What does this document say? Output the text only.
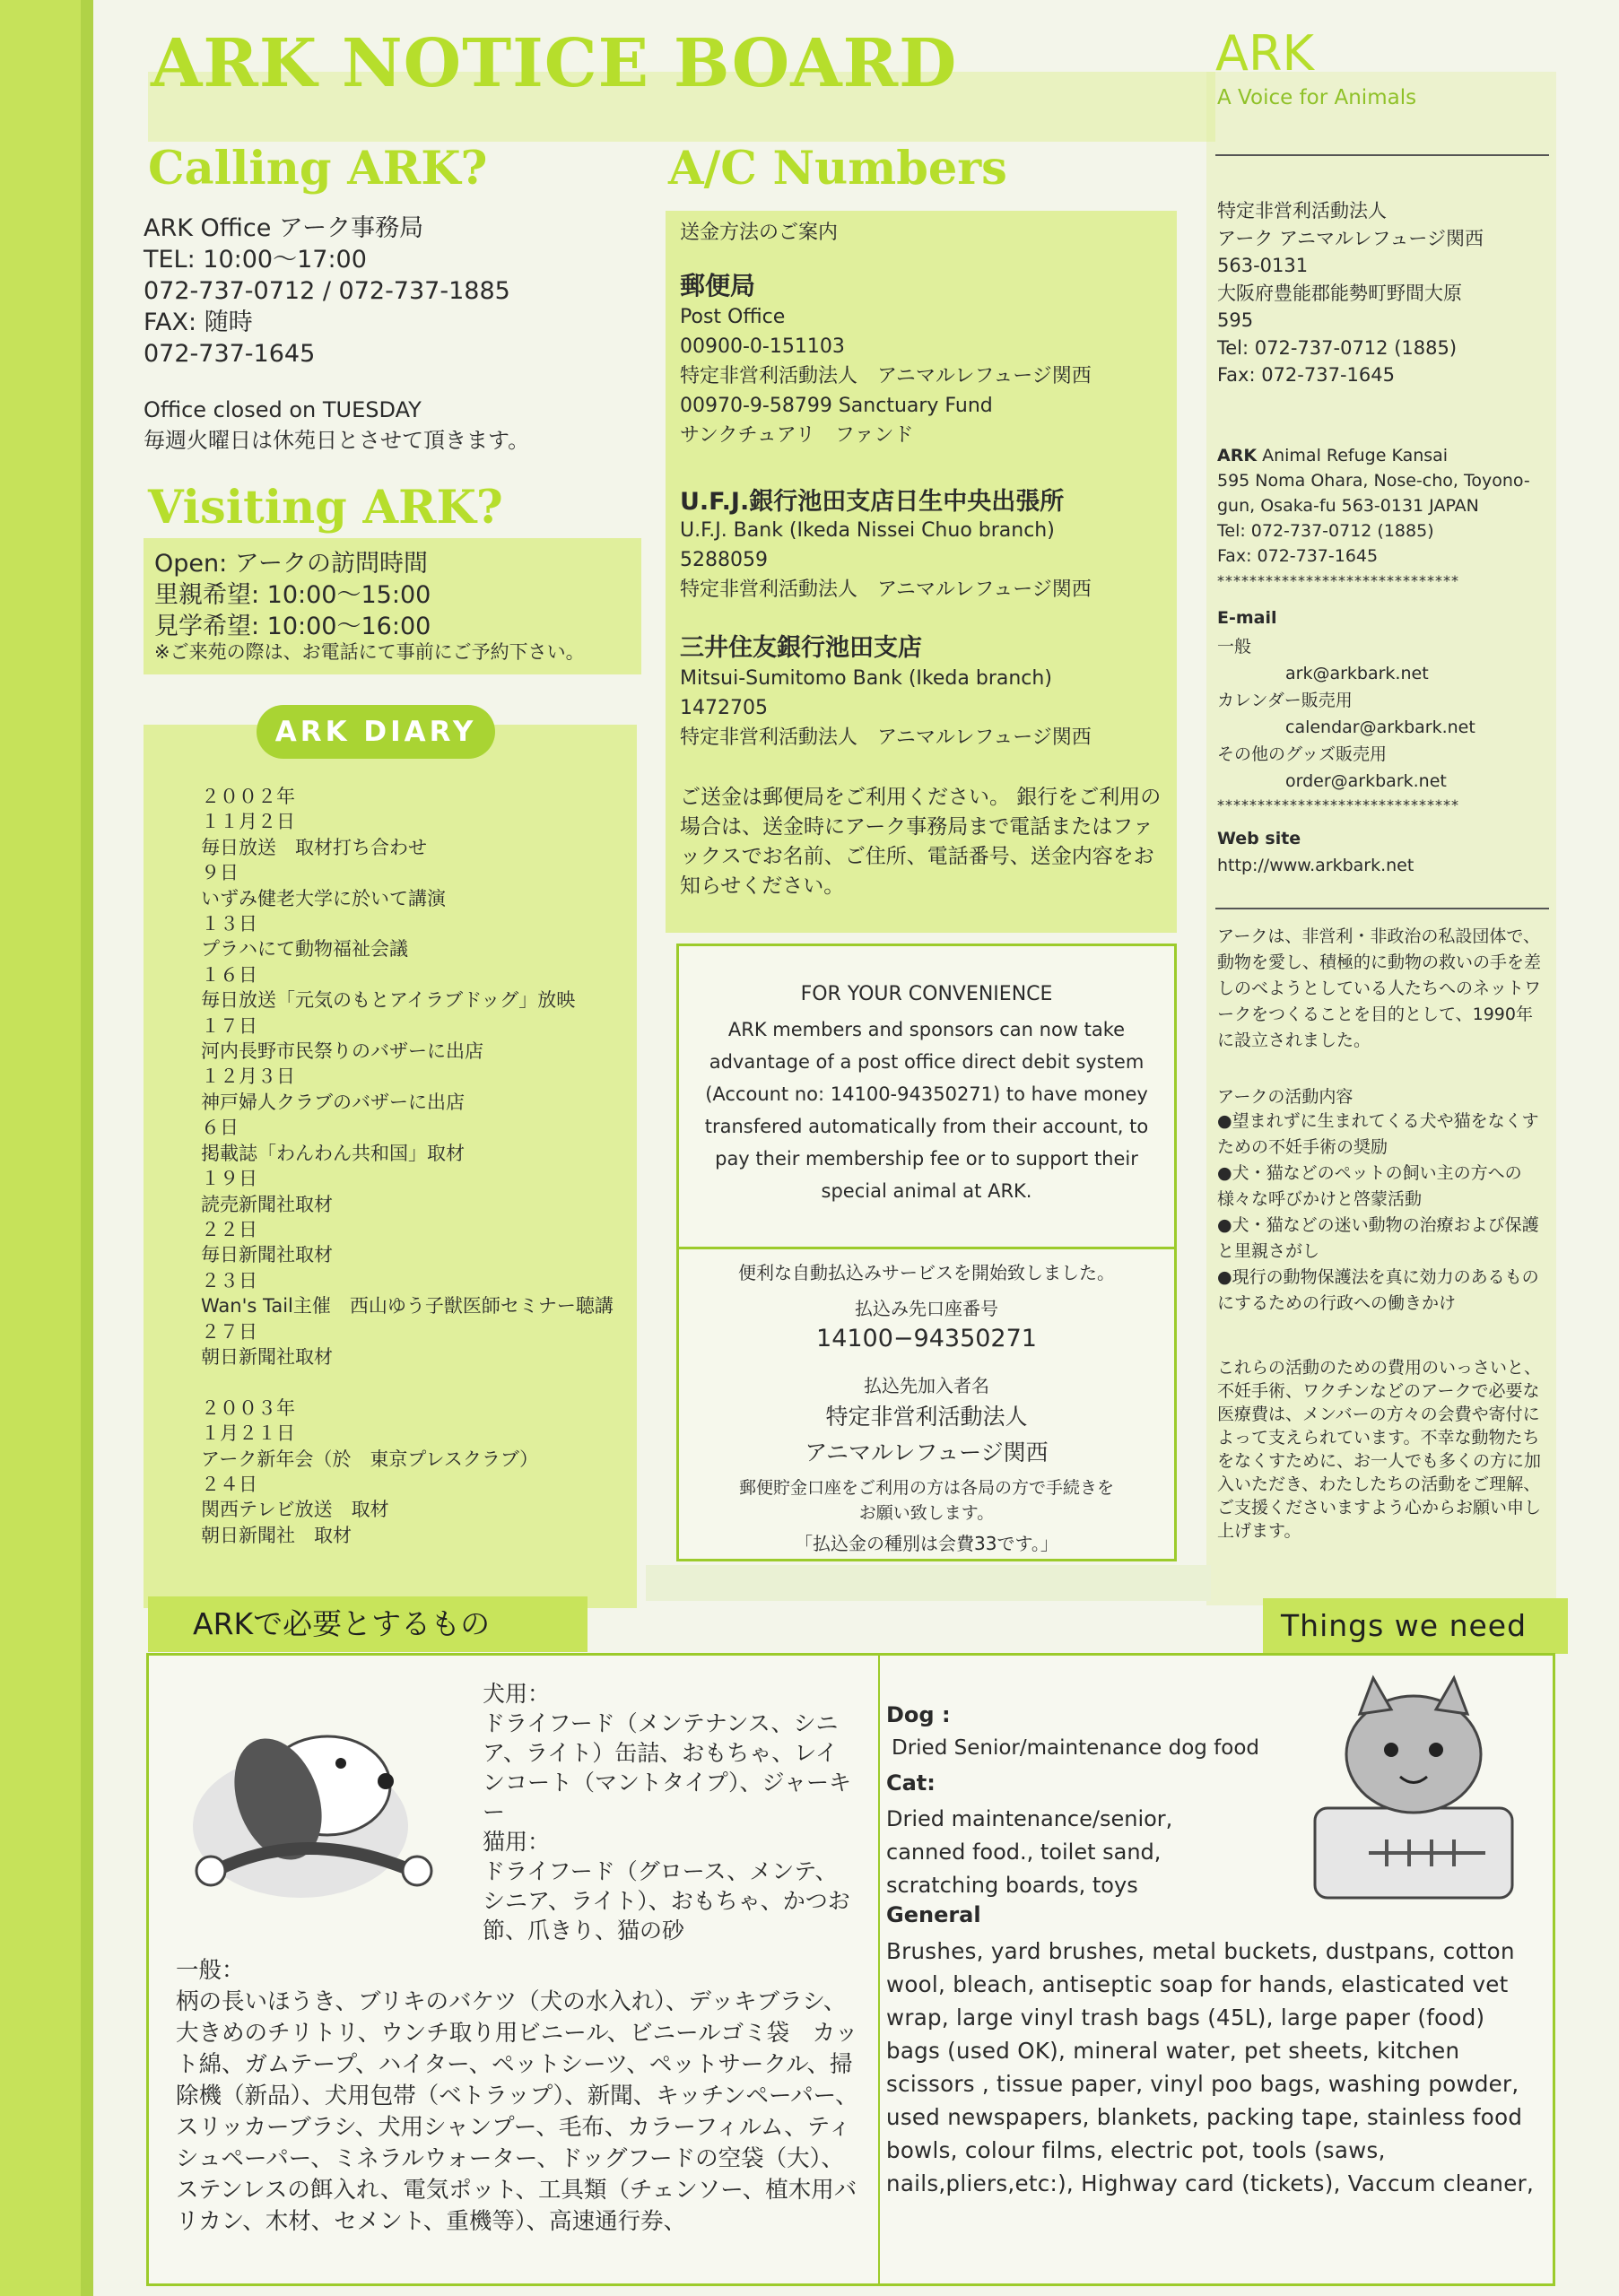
ARK NOTICE BOARD
Calling ARK?
ARK Office アーク事務局
TEL: 10:00〜17:00
072-737-0712 / 072-737-1885
FAX: 随時
072-737-1645
Office closed on TUESDAY
毎週火曜日は休苑日とさせて頂きます。
Visiting ARK?
Open: アークの訪問時間
里親希望: 10:00〜15:00
見学希望: 10:00〜16:00
※ご来苑の際は、お電話にて事前にご予約下さい。
２００２年
１１月２日
毎日放送　取材打ち合わせ
９日
いずみ健老大学に於いて講演
１３日
プラハにて動物福祉会議
１６日
毎日放送「元気のもとアイラブドッグ」放映
１７日
河内長野市民祭りのバザーに出店
１２月３日
神戸婦人クラブのバザーに出店
６日
掲載誌「わんわん共和国」取材
１９日
読売新聞社取材
２２日
毎日新聞社取材
２３日
Wan's Tail主催　西山ゆう子獣医師セミナー聴講
２７日
朝日新聞社取材

２００３年
１月２１日
アーク新年会（於　東京プレスクラブ）
２４日
関西テレビ放送　取材
朝日新聞社　取材
ARK DIARY
A/C Numbers
送金方法のご案内
郵便局
Post Office
00900-0-151103
特定非営利活動法人　アニマルレフュージ関西
00970-9-58799 Sanctuary Fund
サンクチュアリ　ファンド
U.F.J.銀行池田支店日生中央出張所
U.F.J. Bank (Ikeda Nissei Chuo branch)
5288059
特定非営利活動法人　アニマルレフュージ関西
三井住友銀行池田支店
Mitsui-Sumitomo Bank (Ikeda branch)
1472705
特定非営利活動法人　アニマルレフュージ関西
ご送金は郵便局をご利用ください。 銀行をご利用の場合は、送金時にアーク事務局まで電話またはファックスでお名前、ご住所、電話番号、送金内容をお知らせください。
FOR YOUR CONVENIENCE
ARK members and sponsors can now take advantage of a post office direct debit system (Account no: 14100-94350271) to have money transfered automatically from their account, to pay their membership fee or to support their special animal at ARK.
便利な自動払込みサービスを開始致しました。
払込み先口座番号
14100−94350271
払込先加入者名
特定非営利活動法人
アニマルレフュージ関西
郵便貯金口座をご利用の方は各局の方で手続きをお願い致します。
「払込金の種別は会費33です。」
ARK
A Voice for Animals
特定非営利活動法人
アーク アニマルレフュージ関西
563-0131
大阪府豊能郡能勢町野間大原
595
Tel: 072-737-0712 (1885)
Fax: 072-737-1645
ARK Animal Refuge Kansai
595 Noma Ohara, Nose-cho, Toyono-gun, Osaka-fu 563-0131 JAPAN
Tel: 072-737-0712 (1885)
Fax: 072-737-1645
******************************
E-mail
一般
　　　　ark@arkbark.net
カレンダー販売用
　　　　calendar@arkbark.net
その他のグッズ販売用
　　　　order@arkbark.net
******************************
Web site
http://www.arkbark.net
アークは、非営利・非政治の私設団体で、動物を愛し、積極的に動物の救いの手を差しのべようとしている人たちへのネットワークをつくることを目的として、1990年に設立されました。
アークの活動内容
●望まれずに生まれてくる犬や猫をなくすための不妊手術の奨励
●犬・猫などのペットの飼い主の方への様々な呼びかけと啓蒙活動
●犬・猫などの迷い動物の治療および保護と里親さがし
●現行の動物保護法を真に効力のあるものにするための行政への働きかけ
これらの活動のための費用のいっさいと、不妊手術、ワクチンなどのアークで必要な医療費は、メンバーの方々の会費や寄付によって支えられています。不幸な動物たちをなくすために、お一人でも多くの方に加入いただき、わたしたちの活動をご理解、ご支援くださいますよう心からお願い申し上げます。
ARKで必要とするもの	Things we need
犬用：
ドライフード（メンテナンス、シニア、ライト）缶詰、おもちゃ、レインコート（マントタイプ）、ジャーキー
猫用：
ドライフード（グロース、メンテ、シニア、ライト）、おもちゃ、かつお節、爪きり、猫の砂
一般：
柄の長いほうき、ブリキのバケツ（犬の水入れ）、デッキブラシ、大きめのチリトリ、ウンチ取り用ビニール、ビニールゴミ袋　カット綿、ガムテープ、ハイター、ペットシーツ、ペットサークル、掃除機（新品）、犬用包帯（ベトラップ）、新聞、キッチンペーパー、スリッカーブラシ、犬用シャンプー、毛布、カラーフィルム、ティシュペーパー、ミネラルウォーター、ドッグフードの空袋（大）、ステンレスの餌入れ、電気ポット、工具類（チェンソー、植木用バリカン、木材、セメント、重機等）、高速通行券、
Dog :
Dried Senior/maintenance dog food
Cat:
Dried maintenance/senior,
canned food., toilet sand,
scratching boards, toys
General
Brushes, yard brushes, metal buckets, dustpans, cotton wool, bleach, antiseptic soap for hands, elasticated vet wrap, large vinyl trash bags (45L), large paper (food) bags (used OK), mineral water, pet sheets, kitchen scissors , tissue paper, vinyl poo bags, washing powder, used newspapers, blankets, packing tape, stainless food bowls, colour films, electric pot, tools (saws, nails,pliers,etc:), Highway card (tickets), Vaccum cleaner,
